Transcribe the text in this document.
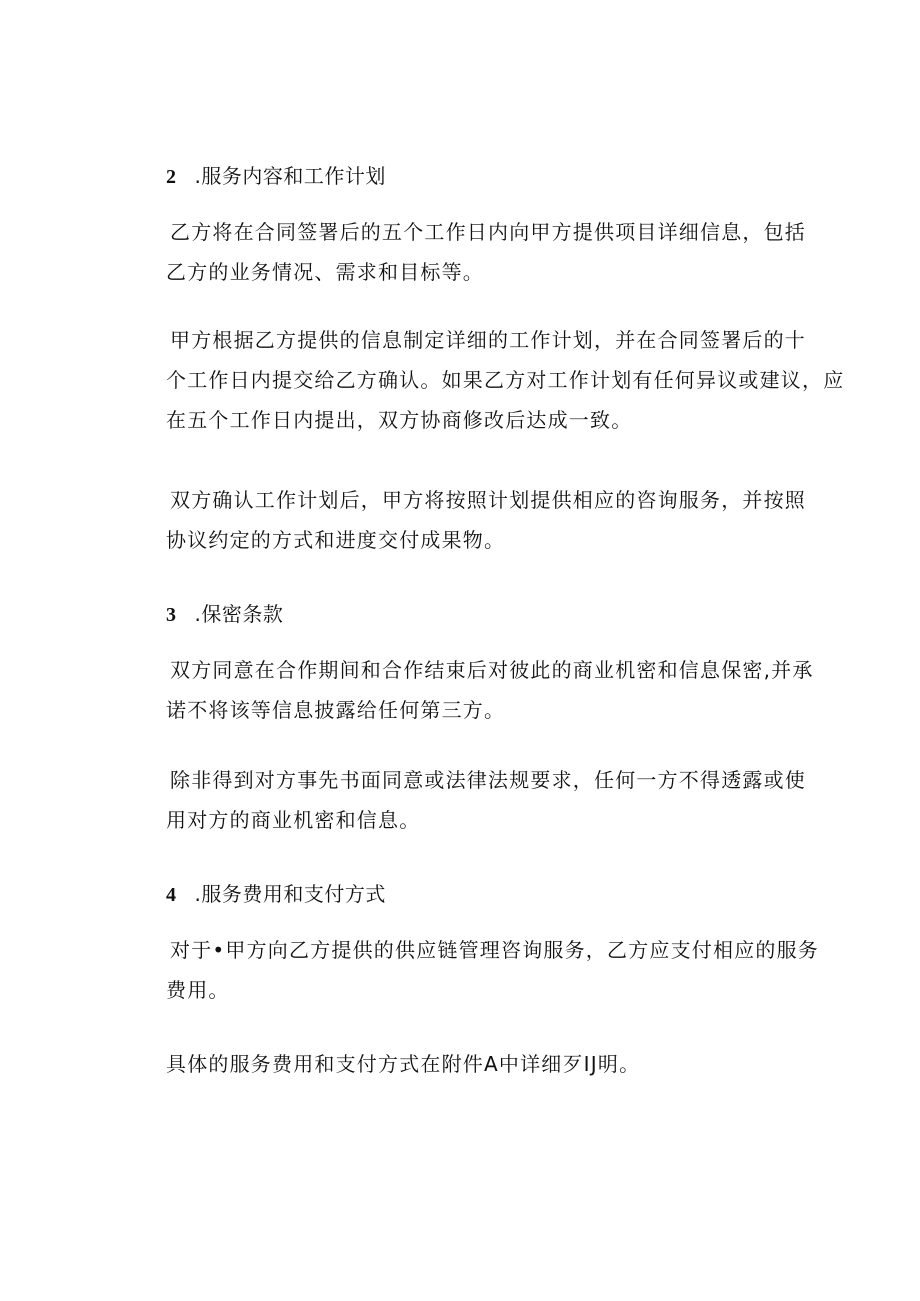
2 .服务内容和工作计划
乙方将在合同签署后的五个工作日内向甲方提供项目详细信息，包括
乙方的业务情况、需求和目标等。
甲方根据乙方提供的信息制定详细的工作计划，并在合同签署后的十
个工作日内提交给乙方确认。如果乙方对工作计划有任何异议或建议，应
在五个工作日内提出，双方协商修改后达成一致。
双方确认工作计划后，甲方将按照计划提供相应的咨询服务，并按照
协议约定的方式和进度交付成果物。
3 .保密条款
双方同意在合作期间和合作结束后对彼此的商业机密和信息保密,并承
诺不将该等信息披露给任何第三方。
除非得到对方事先书面同意或法律法规要求，任何一方不得透露或使
用对方的商业机密和信息。
4 .服务费用和支付方式
对于•甲方向乙方提供的供应链管理咨询服务，乙方应支付相应的服务
费用。
具体的服务费用和支付方式在附件A中详细歹IJ明。
